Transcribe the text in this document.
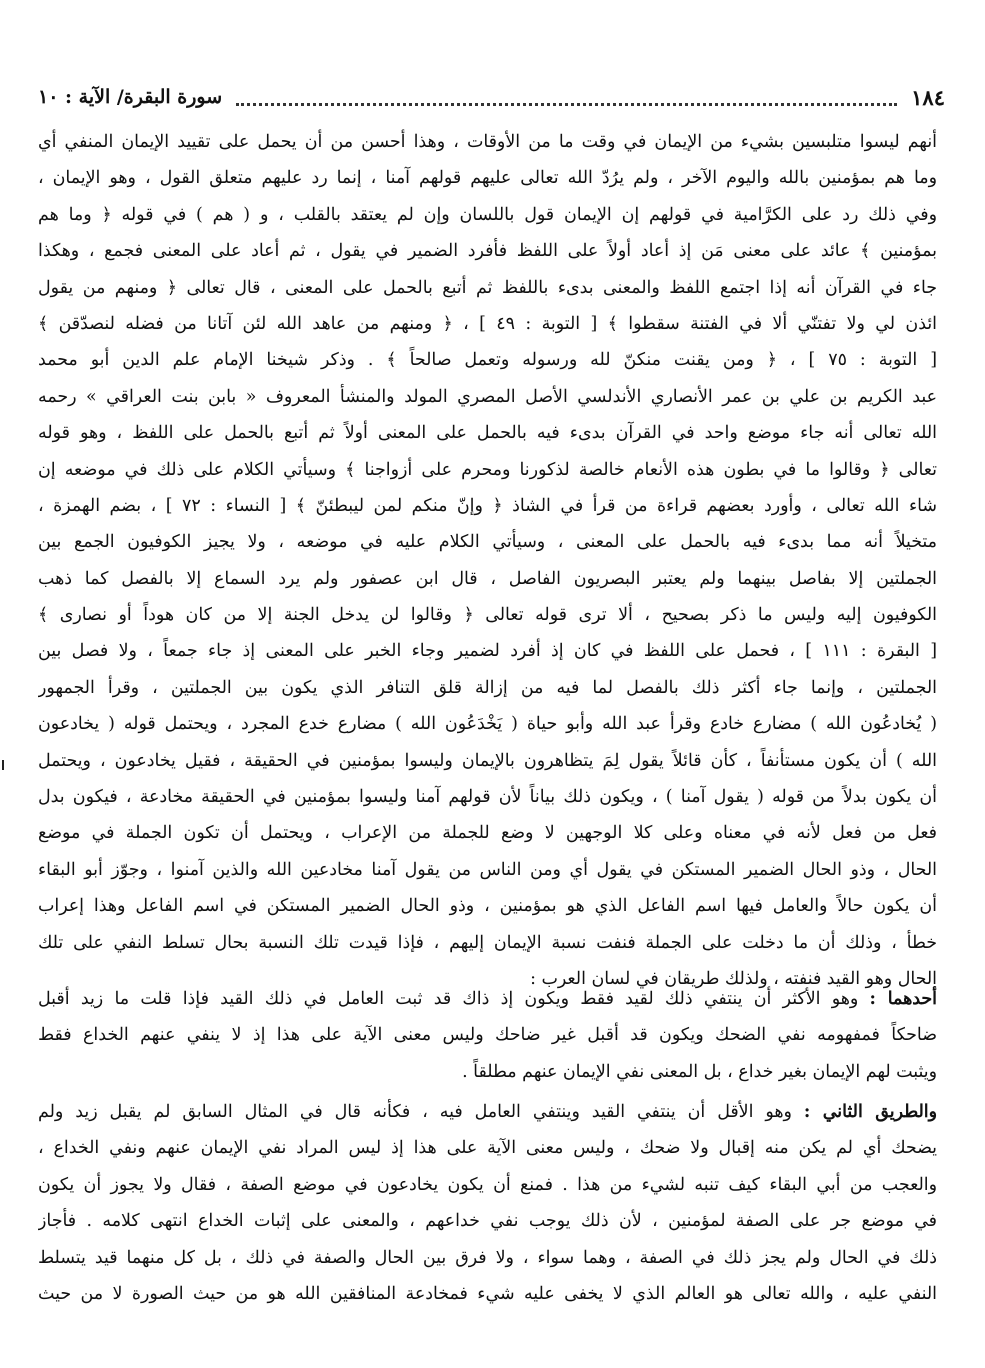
١٨٤
سورة البقرة/ الآية : ١٠
أنهم ليسوا متلبسين بشيء من الإيمان في وقت ما من الأوقات ، وهذا أحسن من أن يحمل على تقييد الإيمان المنفي أي
وما هم بمؤمنين بالله واليوم الآخر ، ولم يرُدّ الله تعالى عليهم قولهم آمنا ، إنما رد عليهم متعلق القول ، وهو الإيمان ،
وفي ذلك رد على الكرَّامية في قولهم إن الإيمان قول باللسان وإن لم يعتقد بالقلب ، و ( هم ) في قوله ﴿ وما هم
بمؤمنين ﴾ عائد على معنى مَن إذ أعاد أولاً على اللفظ فأفرد الضمير في يقول ، ثم أعاد على المعنى فجمع ، وهكذا
جاء في القرآن أنه إذا اجتمع اللفظ والمعنى بدىء باللفظ ثم أتبع بالحمل على المعنى ، قال تعالى ﴿ ومنهم من يقول
ائذن لي ولا تفتنّي ألا في الفتنة سقطوا ﴾ [ التوبة : ٤٩ ] ، ﴿ ومنهم من عاهد الله لئن آتانا من فضله لنصدّقن ﴾
[ التوبة : ٧٥ ] ، ﴿ ومن يقنت منكنّ لله ورسوله وتعمل صالحاً ﴾ . وذكر شيخنا الإمام علم الدين أبو محمد
عبد الكريم بن علي بن عمر الأنصاري الأندلسي الأصل المصري المولد والمنشأ المعروف « بابن بنت العراقي » رحمه
الله تعالى أنه جاء موضع واحد في القرآن بدىء فيه بالحمل على المعنى أولاً ثم أتبع بالحمل على اللفظ ، وهو قوله
تعالى ﴿ وقالوا ما في بطون هذه الأنعام خالصة لذكورنا ومحرم على أزواجنا ﴾ وسيأتي الكلام على ذلك في موضعه إن
شاء الله تعالى ، وأورد بعضهم قراءة من قرأ في الشاذ ﴿ وإنّ منكم لمن ليبطئنّ ﴾ [ النساء : ٧٢ ] ، بضم الهمزة ،
متخيلاً أنه مما بدىء فيه بالحمل على المعنى ، وسيأتي الكلام عليه في موضعه ، ولا يجيز الكوفيون الجمع بين
الجملتين إلا بفاصل بينهما ولم يعتبر البصريون الفاصل ، قال ابن عصفور ولم يرد السماع إلا بالفصل كما ذهب
الكوفيون إليه وليس ما ذكر بصحيح ، ألا ترى قوله تعالى ﴿ وقالوا لن يدخل الجنة إلا من كان هوداً أو نصارى ﴾
[ البقرة : ١١١ ] ، فحمل على اللفظ في كان إذ أفرد لضمير وجاء الخبر على المعنى إذ جاء جمعاً ، ولا فصل بين
الجملتين ، وإنما جاء أكثر ذلك بالفصل لما فيه من إزالة قلق التنافر الذي يكون بين الجملتين ، وقرأ الجمهور
( يُخادعُون الله ) مضارع خادع وقرأ عبد الله وأبو حياة ( يَخْدَعُون الله ) مضارع خدع المجرد ، ويحتمل قوله ( يخادعون
الله ) أن يكون مستأنفاً ، كأن قائلاً يقول لِمَ يتظاهرون بالإيمان وليسوا بمؤمنين في الحقيقة ، فقيل يخادعون ، ويحتمل
أن يكون بدلاً من قوله ( يقول آمنا ) ، ويكون ذلك بياناً لأن قولهم آمنا وليسوا بمؤمنين في الحقيقة مخادعة ، فيكون بدل
فعل من فعل لأنه في معناه وعلى كلا الوجهين لا وضع للجملة من الإعراب ، ويحتمل أن تكون الجملة في موضع
الحال ، وذو الحال الضمير المستكن في يقول أي ومن الناس من يقول آمنا مخادعين الله والذين آمنوا ، وجوّز أبو البقاء
أن يكون حالاً والعامل فيها اسم الفاعل الذي هو بمؤمنين ، وذو الحال الضمير المستكن في اسم الفاعل وهذا إعراب
خطأ ، وذلك أن ما دخلت على الجملة فنفت نسبة الإيمان إليهم ، فإذا قيدت تلك النسبة بحال تسلط النفي على تلك
الحال وهو القيد فنفته ، ولذلك طريقان في لسان العرب :
أحدهما : وهو الأكثر أن ينتفي ذلك لقيد فقط ويكون إذ ذاك قد ثبت العامل في ذلك القيد فإذا قلت ما زيد أقبل
ضاحكاً فمفهومه نفي الضحك ويكون قد أقبل غير ضاحك وليس معنى الآية على هذا إذ لا ينفي عنهم الخداع فقط
ويثبت لهم الإيمان بغير خداع ، بل المعنى نفي الإيمان عنهم مطلقاً .
والطريق الثاني : وهو الأقل أن ينتفي القيد وينتفي العامل فيه ، فكأنه قال في المثال السابق لم يقبل زيد ولم
يضحك أي لم يكن منه إقبال ولا ضحك ، وليس معنى الآية على هذا إذ ليس المراد نفي الإيمان عنهم ونفي الخداع ،
والعجب من أبي البقاء كيف تنبه لشيء من هذا . فمنع أن يكون يخادعون في موضع الصفة ، فقال ولا يجوز أن يكون
في موضع جر على الصفة لمؤمنين ، لأن ذلك يوجب نفي خداعهم ، والمعنى على إثبات الخداع انتهى كلامه . فأجاز
ذلك في الحال ولم يجز ذلك في الصفة ، وهما سواء ، ولا فرق بين الحال والصفة في ذلك ، بل كل منهما قيد يتسلط
النفي عليه ، والله تعالى هو العالم الذي لا يخفى عليه شيء فمخادعة المنافقين الله هو من حيث الصورة لا من حيث
